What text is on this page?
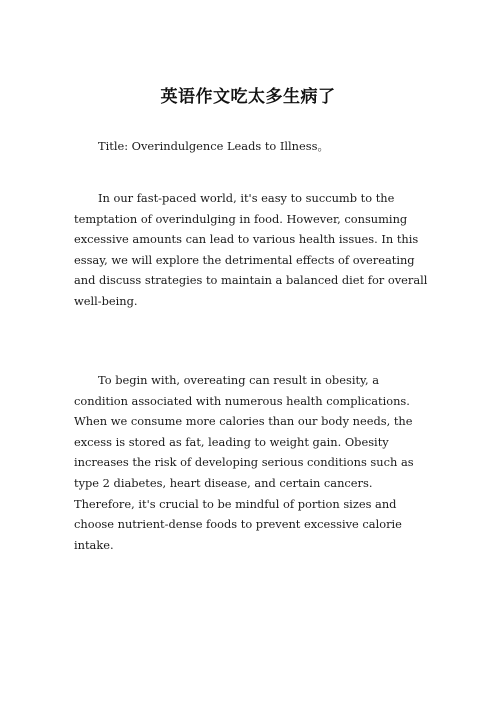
英语作文吃太多生病了

Title: Overindulgence Leads to Illness。

In our fast-paced world, it's easy to succumb to the temptation of overindulging in food. However, consuming excessive amounts can lead to various health issues. In this essay, we will explore the detrimental effects of overeating and discuss strategies to maintain a balanced diet for overall well-being.

To begin with, overeating can result in obesity, a condition associated with numerous health complications. When we consume more calories than our body needs, the excess is stored as fat, leading to weight gain. Obesity increases the risk of developing serious conditions such as type 2 diabetes, heart disease, and certain cancers. Therefore, it's crucial to be mindful of portion sizes and choose nutrient-dense foods to prevent excessive calorie intake.
